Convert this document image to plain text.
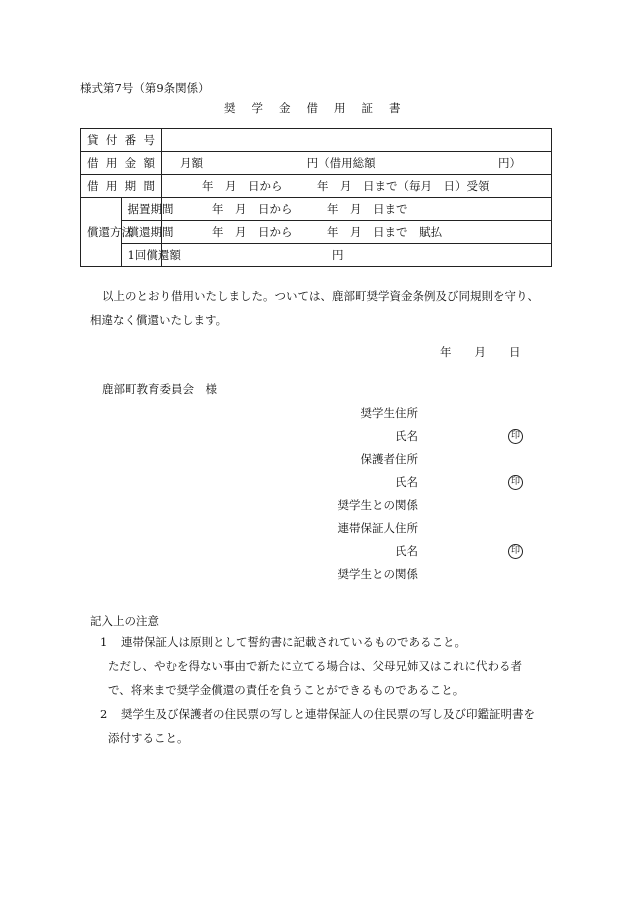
様式第7号（第9条関係）
奨学金借用証書
貸付番号		
借用金額		月額 円（借用総額 円）

借用期間		年　月　日から　　　年　月　日まで（毎月　日）受領
償還方法	据置期間	年　月　日から　　　年　月　日まで
	償還期間	年　月　日から　　　年　月　日まで 賦払
	1回償還額	円
以上のとおり借用いたしました。ついては、鹿部町奨学資金条例及び同規則を守り、
相違なく償還いたします。
年　　月　　日
鹿部町教育委員会　様
奨学生住所
氏名	印
保護者住所
氏名	印
奨学生との関係
連帯保証人住所
氏名	印
奨学生との関係
記入上の注意
1 連帯保証人は原則として誓約書に記載されているものであること。
ただし、やむを得ない事由で新たに立てる場合は、父母兄姉又はこれに代わる者
で、将来まで奨学金償還の責任を負うことができるものであること。
2 奨学生及び保護者の住民票の写しと連帯保証人の住民票の写し及び印鑑証明書を
添付すること。
